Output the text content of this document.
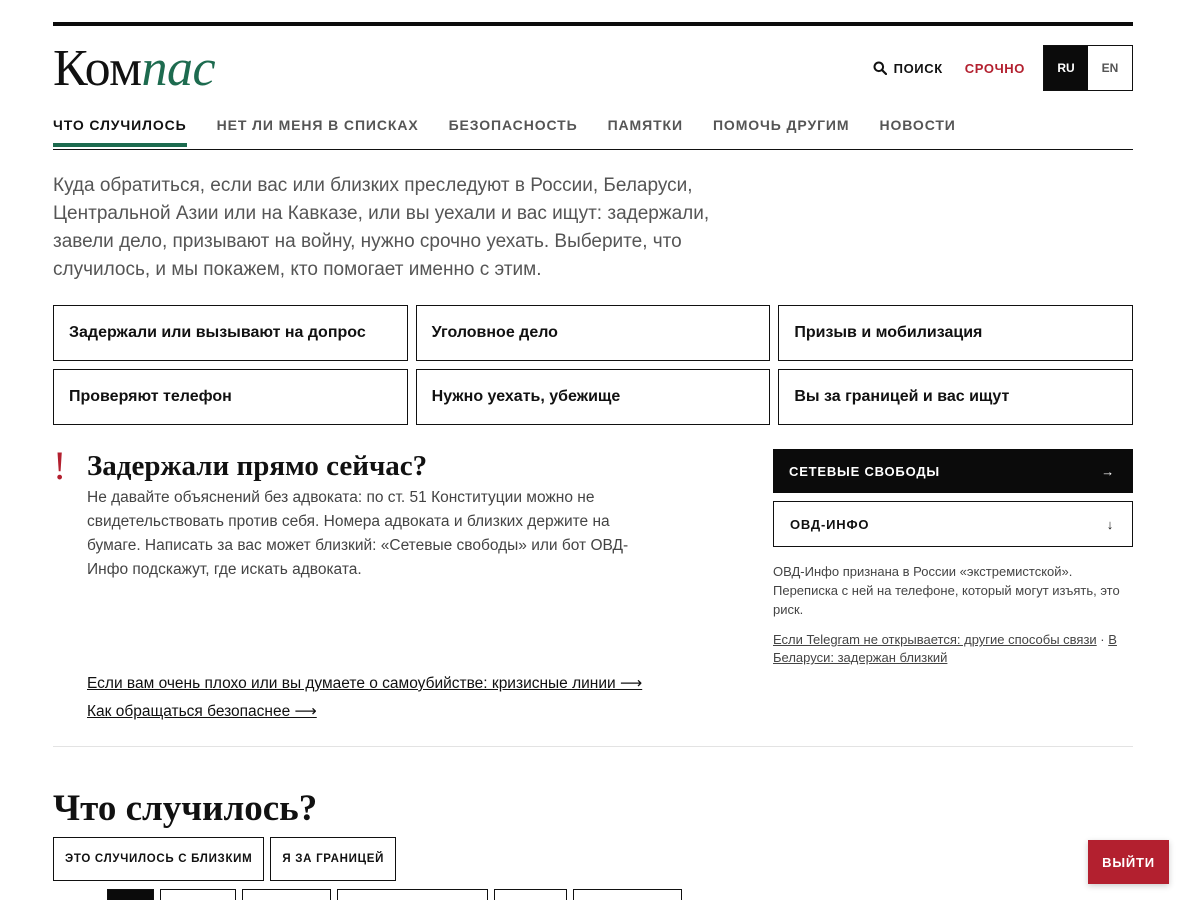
Компас	ПОИСК СРОЧНО	RU	EN
ЧТО СЛУЧИЛОСЬ НЕТ ЛИ МЕНЯ В СПИСКАХ БЕЗОПАСНОСТЬ ПАМЯТКИ ПОМОЧЬ ДРУГИМ НОВОСТИ

Куда обратиться, если вас или близких преследуют в России, Беларуси, Центральной Азии или на Кавказе, или вы уехали и вас ищут: задержали, завели дело, призывают на войну, нужно срочно уехать. Выберите, что случилось, и мы покажем, кто помогает именно с этим.

Задержали или вызывают на допрос	Уголовное дело	Призыв и мобилизация
Проверяют телефон	Нужно уехать, убежище	Вы за границей и вас ищут
! Задержали прямо сейчас?

Не давайте объяснений без адвоката: по ст. 51 Конституции можно не свидетельствовать против себя. Номера адвоката и близких держите на бумаге. Написать за вас может близкий: «Сетевые свободы» или бот ОВД-Инфо подскажут, где искать адвоката.

Если вам очень плохо или вы думаете о самоубийстве: кризисные линии ⟶
Как обращаться безопаснее ⟶
СЕТЕВЫЕ СВОБОДЫ	→
ОВД-ИНФО	↓

ОВД-Инфо признана в России «экстремистской». Переписка с ней на телефоне, который могут изъять, это риск.

Если Telegram не открывается: другие способы связи · В Беларуси: задержан близкий

Что случилось?
ЭТО СЛУЧИЛОСЬ С БЛИЗКИМ	Я ЗА ГРАНИЦЕЙ	ВЫЙТИ
